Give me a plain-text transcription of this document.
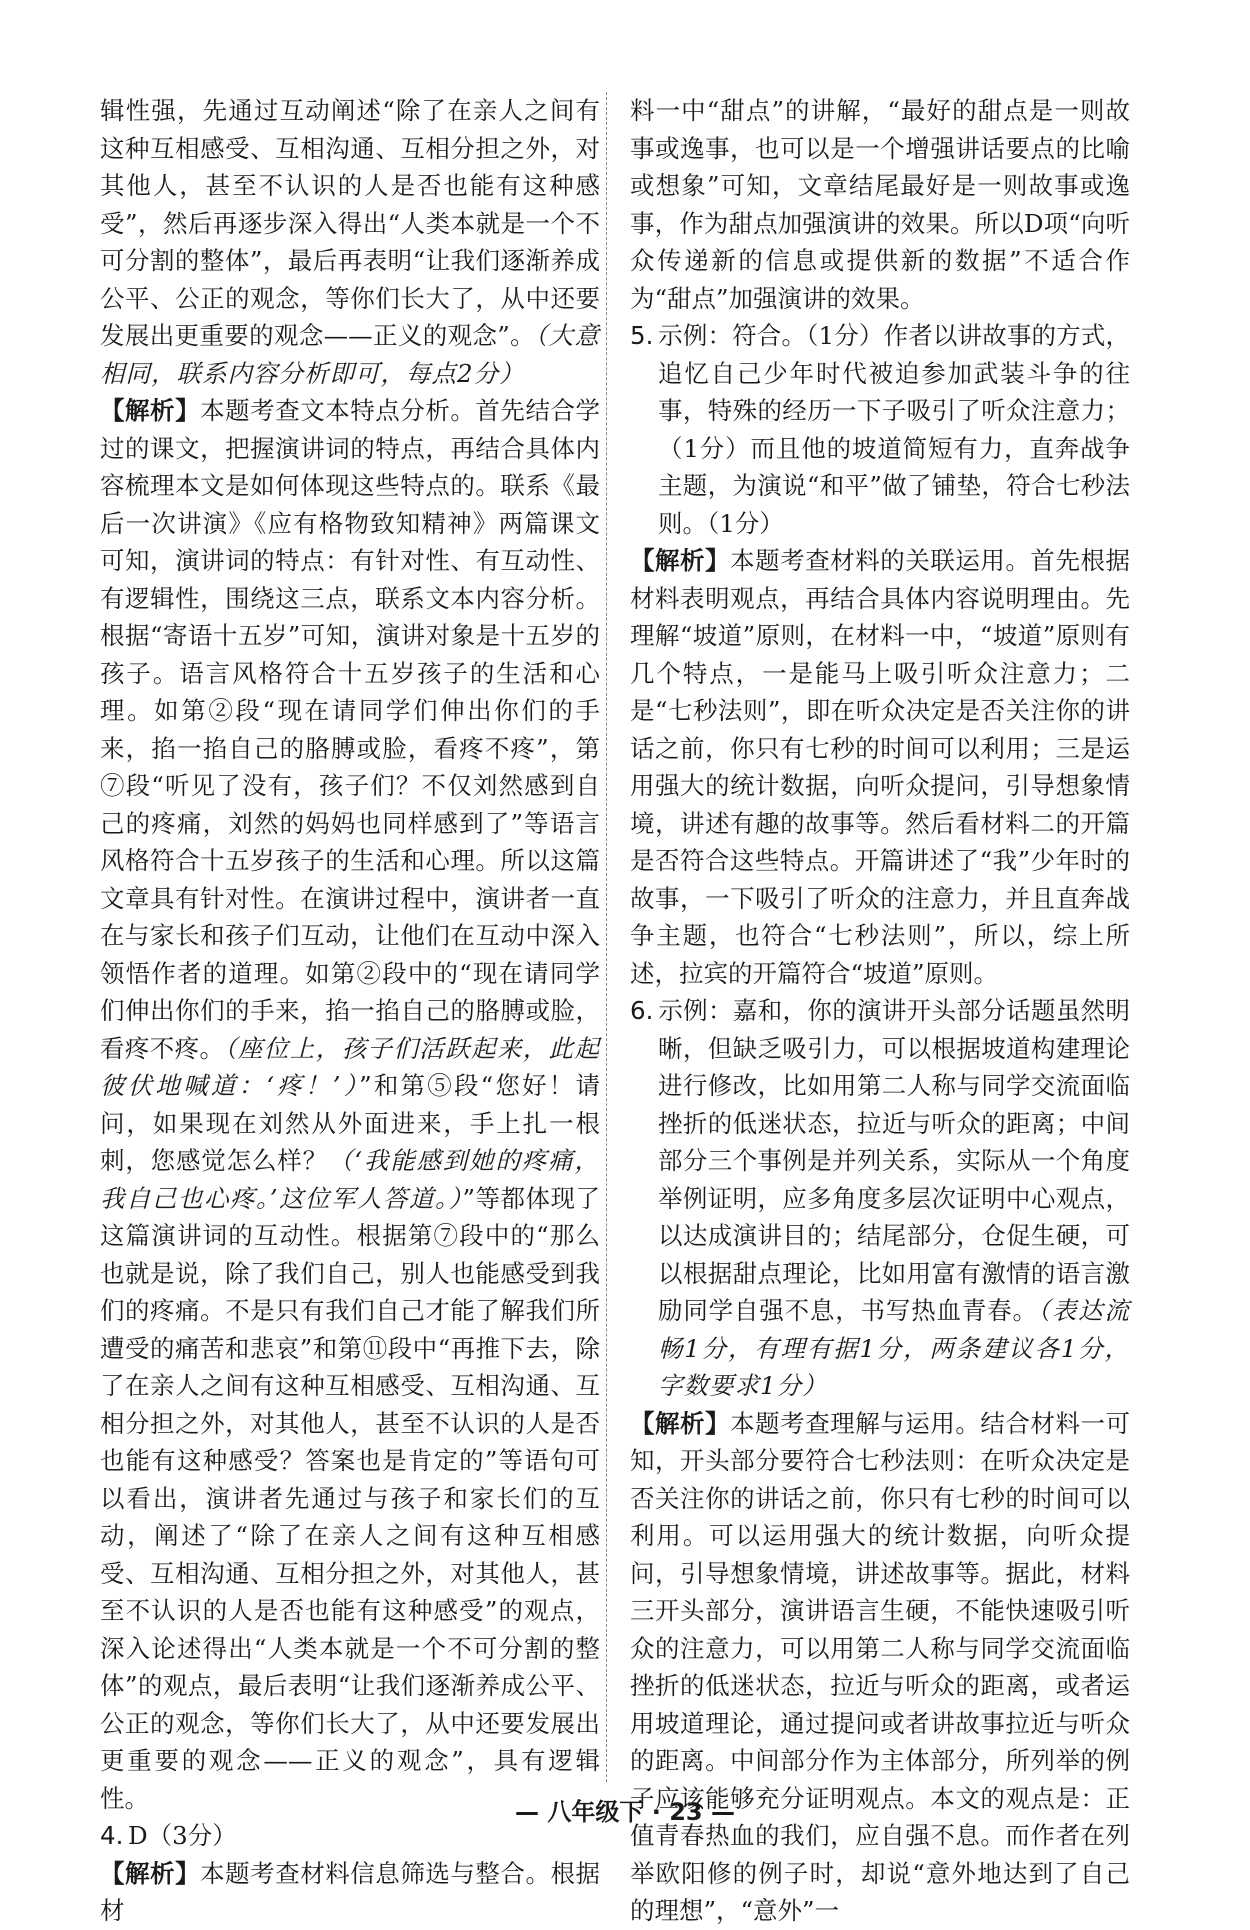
辑性强，先通过互动阐述“除了在亲人之间有这种互相感受、互相沟通、互相分担之外，对其他人，甚至不认识的人是否也能有这种感受”，然后再逐步深入得出“人类本就是一个不可分割的整体”，最后再表明“让我们逐渐养成公平、公正的观念，等你们长大了，从中还要发展出更重要的观念——正义的观念”。（大意相同，联系内容分析即可，每点2分）

【解析】本题考查文本特点分析。首先结合学过的课文，把握演讲词的特点，再结合具体内容梳理本文是如何体现这些特点的。联系《最后一次讲演》《应有格物致知精神》两篇课文可知，演讲词的特点：有针对性、有互动性、有逻辑性，围绕这三点，联系文本内容分析。根据“寄语十五岁”可知，演讲对象是十五岁的孩子。语言风格符合十五岁孩子的生活和心理。如第②段“现在请同学们伸出你们的手来，掐一掐自己的胳膊或脸，看疼不疼”，第⑦段“听见了没有，孩子们？不仅刘然感到自己的疼痛，刘然的妈妈也同样感到了”等语言风格符合十五岁孩子的生活和心理。所以这篇文章具有针对性。在演讲过程中，演讲者一直在与家长和孩子们互动，让他们在互动中深入领悟作者的道理。如第②段中的“现在请同学们伸出你们的手来，掐一掐自己的胳膊或脸，看疼不疼。（座位上，孩子们活跃起来，此起彼伏地喊道：‘疼！’）”和第⑤段“您好！请问，如果现在刘然从外面进来，手上扎一根刺，您感觉怎么样？（‘我能感到她的疼痛，我自己也心疼。’这位军人答道。）”等都体现了这篇演讲词的互动性。根据第⑦段中的“那么也就是说，除了我们自己，别人也能感受到我们的疼痛。不是只有我们自己才能了解我们所遭受的痛苦和悲哀”和第⑪段中“再推下去，除了在亲人之间有这种互相感受、互相沟通、互相分担之外，对其他人，甚至不认识的人是否也能有这种感受？答案也是肯定的”等语句可以看出，演讲者先通过与孩子和家长们的互动，阐述了“除了在亲人之间有这种互相感受、互相沟通、互相分担之外，对其他人，甚至不认识的人是否也能有这种感受”的观点，深入论述得出“人类本就是一个不可分割的整体”的观点，最后表明“让我们逐渐养成公平、公正的观念，等你们长大了，从中还要发展出更重要的观念——正义的观念”，具有逻辑性。

4. D（3分）

【解析】本题考查材料信息筛选与整合。根据材

料一中“甜点”的讲解，“最好的甜点是一则故事或逸事，也可以是一个增强讲话要点的比喻或想象”可知，文章结尾最好是一则故事或逸事，作为甜点加强演讲的效果。所以D项“向听众传递新的信息或提供新的数据”不适合作为“甜点”加强演讲的效果。

5. 示例：符合。（1分）作者以讲故事的方式，追忆自己少年时代被迫参加武装斗争的往事，特殊的经历一下子吸引了听众注意力；（1分）而且他的坡道简短有力，直奔战争主题，为演说“和平”做了铺垫，符合七秒法则。（1分）

【解析】本题考查材料的关联运用。首先根据材料表明观点，再结合具体内容说明理由。先理解“坡道”原则，在材料一中，“坡道”原则有几个特点，一是能马上吸引听众注意力；二是“七秒法则”，即在听众决定是否关注你的讲话之前，你只有七秒的时间可以利用；三是运用强大的统计数据，向听众提问，引导想象情境，讲述有趣的故事等。然后看材料二的开篇是否符合这些特点。开篇讲述了“我”少年时的故事，一下吸引了听众的注意力，并且直奔战争主题，也符合“七秒法则”，所以，综上所述，拉宾的开篇符合“坡道”原则。

6. 示例：嘉和，你的演讲开头部分话题虽然明晰，但缺乏吸引力，可以根据坡道构建理论进行修改，比如用第二人称与同学交流面临挫折的低迷状态，拉近与听众的距离；中间部分三个事例是并列关系，实际从一个角度举例证明，应多角度多层次证明中心观点，以达成演讲目的；结尾部分，仓促生硬，可以根据甜点理论，比如用富有激情的语言激励同学自强不息，书写热血青春。（表达流畅1分，有理有据1分，两条建议各1分，字数要求1分）

【解析】本题考查理解与运用。结合材料一可知，开头部分要符合七秒法则：在听众决定是否关注你的讲话之前，你只有七秒的时间可以利用。可以运用强大的统计数据，向听众提问，引导想象情境，讲述故事等。据此，材料三开头部分，演讲语言生硬，不能快速吸引听众的注意力，可以用第二人称与同学交流面临挫折的低迷状态，拉近与听众的距离，或者运用坡道理论，通过提问或者讲故事拉近与听众的距离。中间部分作为主体部分，所列举的例子应该能够充分证明观点。本文的观点是：正值青春热血的我们，应自强不息。而作者在列举欧阳修的例子时，却说“意外地达到了自己的理想”，“意外”一

— 八年级下 · 23 —
